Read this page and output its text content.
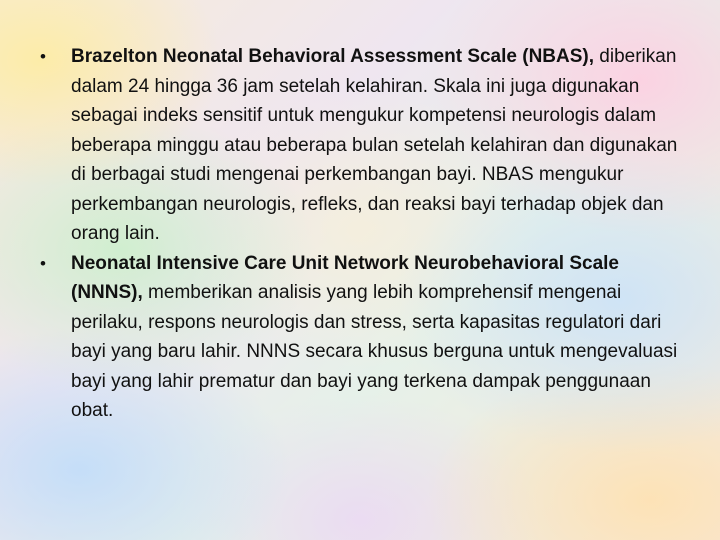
• Brazelton Neonatal Behavioral Assessment Scale (NBAS), diberikan dalam 24 hingga 36 jam setelah kelahiran. Skala ini juga digunakan sebagai indeks sensitif untuk mengukur kompetensi neurologis dalam beberapa minggu atau beberapa bulan setelah kelahiran dan digunakan di berbagai studi mengenai perkembangan bayi. NBAS mengukur perkembangan neurologis, refleks, dan reaksi bayi terhadap objek dan orang lain.
• Neonatal Intensive Care Unit Network Neurobehavioral Scale (NNNS), memberikan analisis yang lebih komprehensif mengenai perilaku, respons neurologis dan stress, serta kapasitas regulatori dari bayi yang baru lahir. NNNS secara khusus berguna untuk mengevaluasi bayi yang lahir prematur dan bayi yang terkena dampak penggunaan obat.
